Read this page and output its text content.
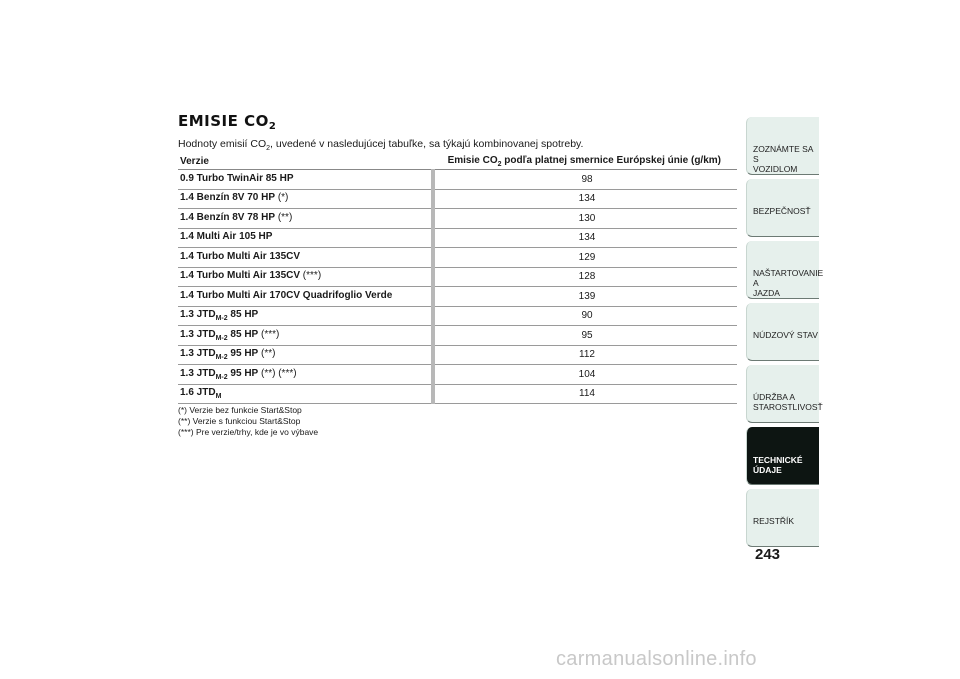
EMISIE $CO_2$

Hodnoty emisií $CO_2$, uvedené v nasledujúcej tabuľke, sa týkajú kombinovanej spotreby.

Verzie	Emisie $CO_2$ podľa platnej smernice Európskej únie (g/km)
0.9 Turbo TwinAir 85 HP	98
1.4 Benzín 8V 70 HP (*)	134
1.4 Benzín 8V 78 HP (**)	130
1.4 Multi Air 105 HP	134
1.4 Turbo Multi Air 135CV	129
1.4 Turbo Multi Air 135CV (***)	128
1.4 Turbo Multi Air 170CV Quadrifoglio Verde	139
1.3 $JTD_{M-2}$ 85 HP	90
1.3 $JTD_{M-2}$ 85 HP (***)	95
1.3 $JTD_{M-2}$ 95 HP (**)	112
1.3 $JTD_{M-2}$ 95 HP (**) (***)	104
1.6 $JTD_M$	114
(*) Verzie bez funkcie Start&Stop
(**) Verzie s funkciou Start&Stop
(***) Pre verzie/trhy, kde je vo výbave
ZOZNÁMTE SA S
VOZIDLOM
BEZPEČNOSŤ
NAŠTARTOVANIE A
JAZDA
NÚDZOVÝ STAV
ÚDRŽBA A
STAROSTLIVOSŤ
TECHNICKÉ ÚDAJE
REJSTŘÍK
243
carmanualsonline.info
